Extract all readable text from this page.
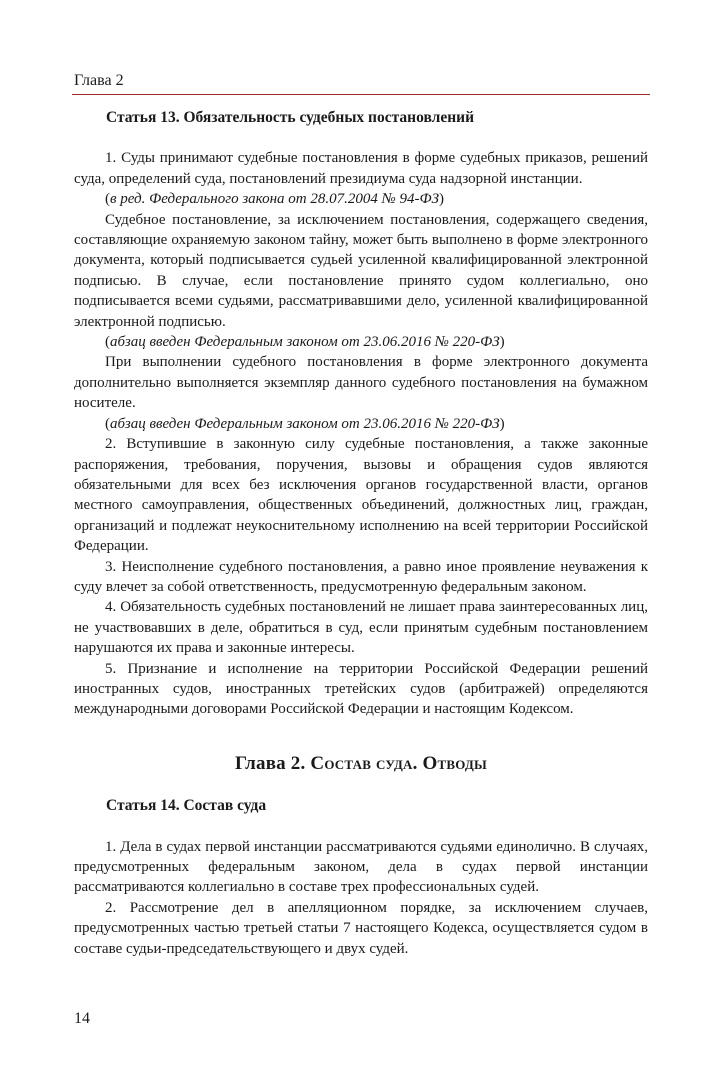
Глава 2
Статья 13. Обязательность судебных постановлений

1. Суды принимают судебные постановления в форме судебных приказов, решений суда, определений суда, постановлений президиума суда надзорной инстанции.

(в ред. Федерального закона от 28.07.2004 № 94-ФЗ)

Судебное постановление, за исключением постановления, содержащего сведения, составляющие охраняемую законом тайну, может быть выполнено в форме электронного документа, который подписывается судьей усиленной квалифицированной электронной подписью. В случае, если постановление принято судом коллегиально, оно подписывается всеми судьями, рассматривавшими дело, усиленной квалифицированной электронной подписью.

(абзац введен Федеральным законом от 23.06.2016 № 220-ФЗ)

При выполнении судебного постановления в форме электронного документа дополнительно выполняется экземпляр данного судебного постановления на бумажном носителе.

(абзац введен Федеральным законом от 23.06.2016 № 220-ФЗ)

2. Вступившие в законную силу судебные постановления, а также законные распоряжения, требования, поручения, вызовы и обращения судов являются обязательными для всех без исключения органов государственной власти, органов местного самоуправления, общественных объединений, должностных лиц, граждан, организаций и подлежат неукоснительному исполнению на всей территории Российской Федерации.

3. Неисполнение судебного постановления, а равно иное проявление неуважения к суду влечет за собой ответственность, предусмотренную федеральным законом.

4. Обязательность судебных постановлений не лишает права заинтересованных лиц, не участвовавших в деле, обратиться в суд, если принятым судебным постановлением нарушаются их права и законные интересы.

5. Признание и исполнение на территории Российской Федерации решений иностранных судов, иностранных третейских судов (арбитражей) определяются международными договорами Российской Федерации и настоящим Кодексом.

Глава 2. Состав суда. Отводы
Статья 14. Состав суда

1. Дела в судах первой инстанции рассматриваются судьями единолично. В случаях, предусмотренных федеральным законом, дела в судах первой инстанции рассматриваются коллегиально в составе трех профессиональных судей.

2. Рассмотрение дел в апелляционном порядке, за исключением случаев, предусмотренных частью третьей статьи 7 настоящего Кодекса, осуществляется судом в составе судьи-председательствующего и двух судей.

14
